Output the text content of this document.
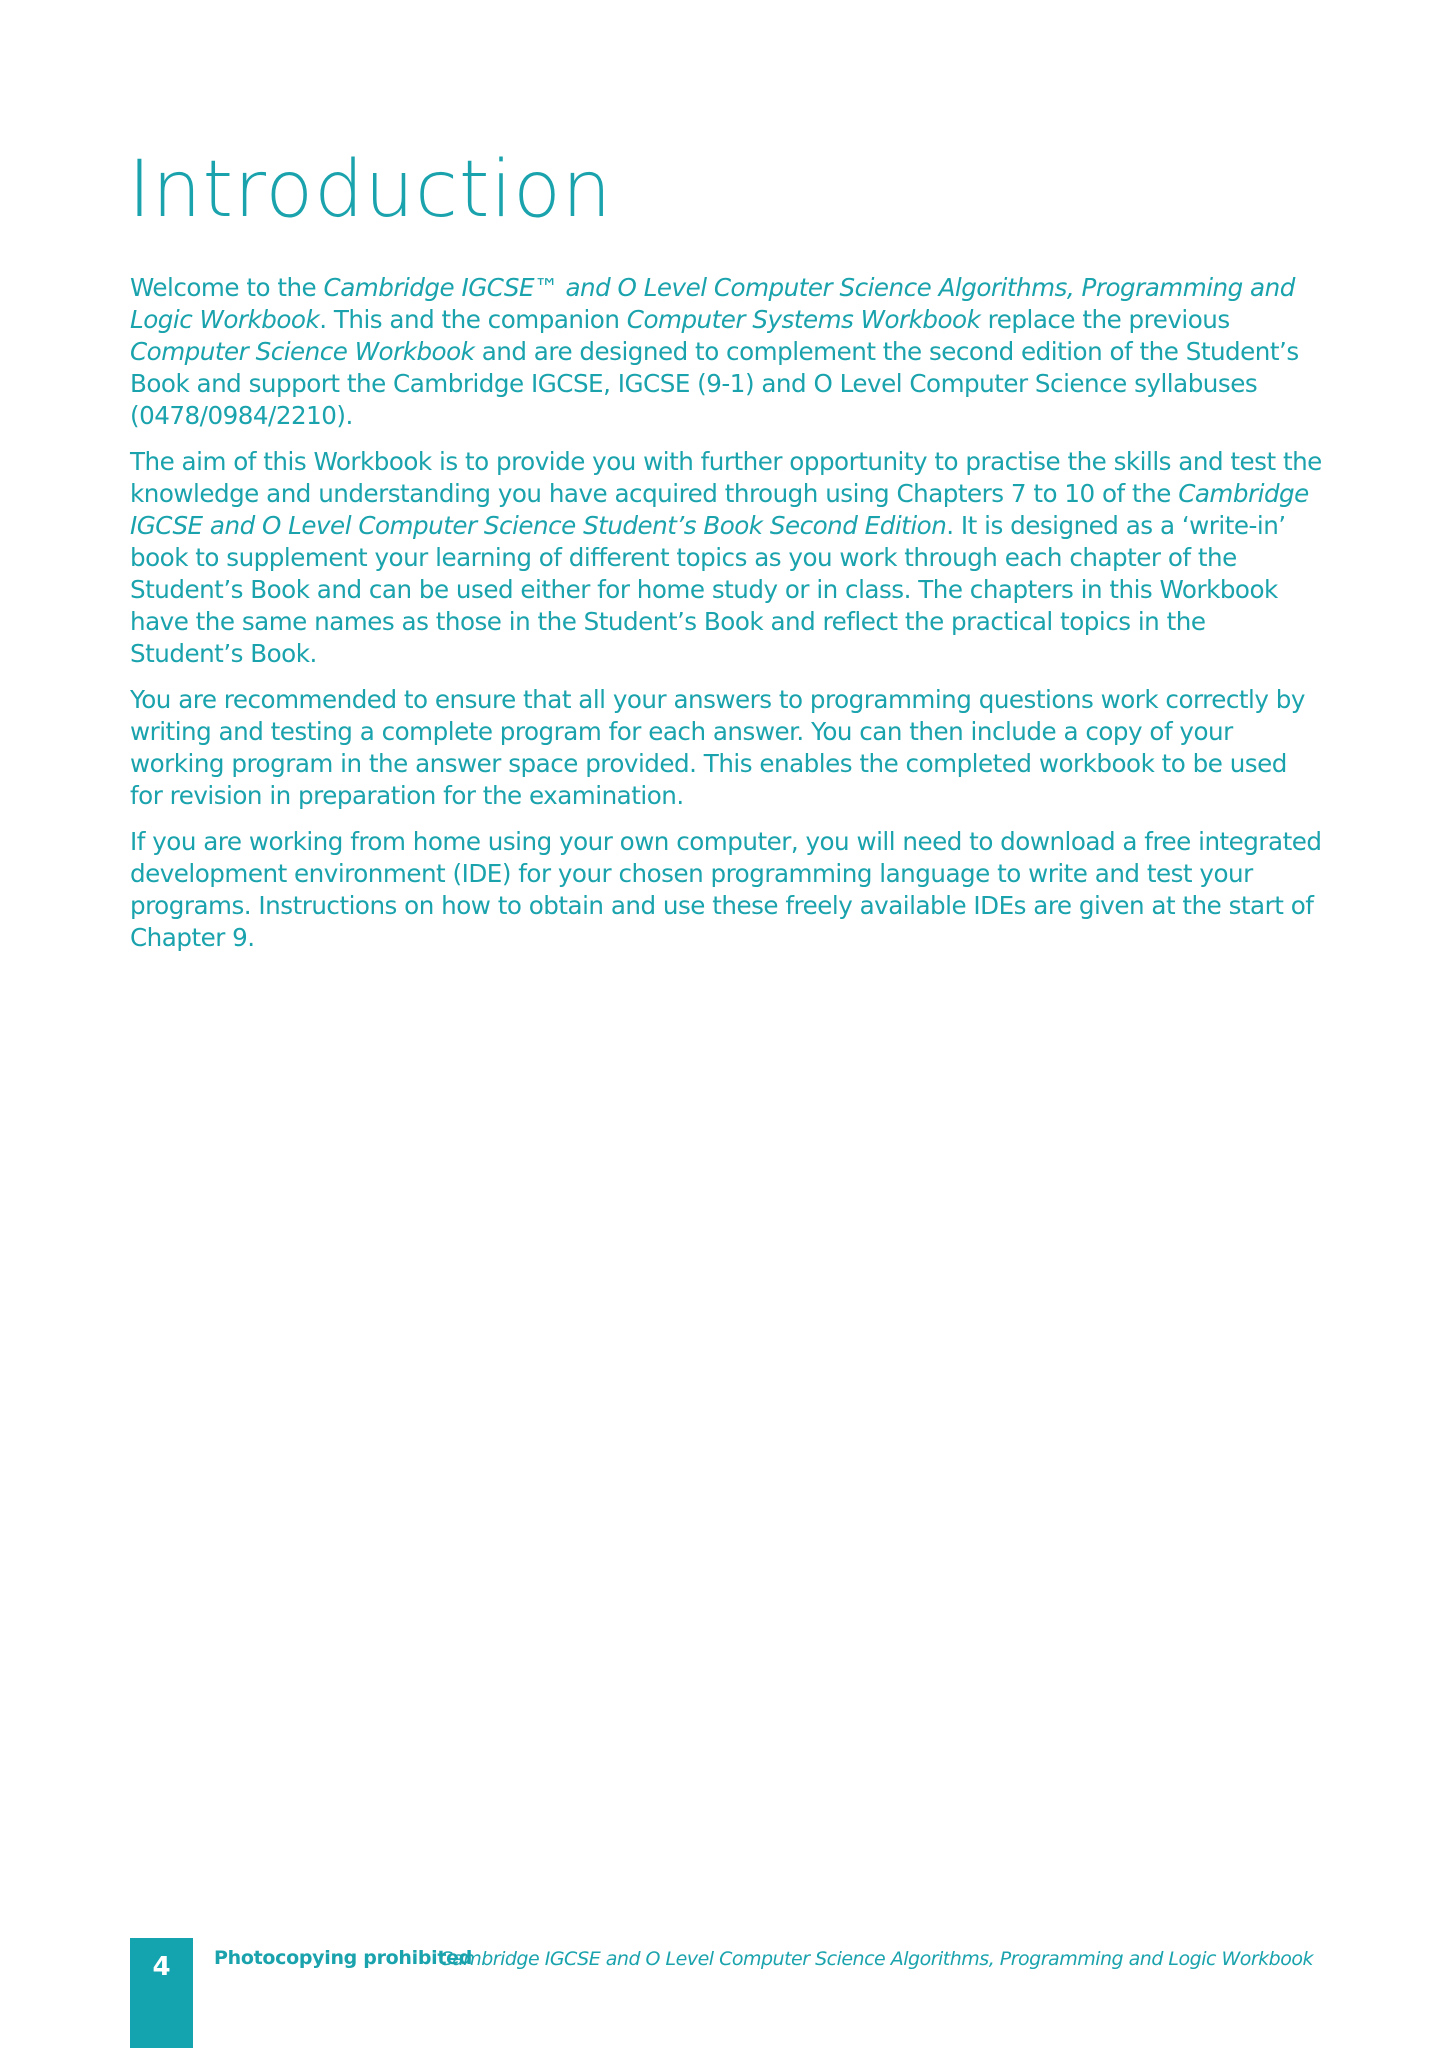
Introduction

Welcome to the Cambridge IGCSE™ and O Level Computer Science Algorithms, Programming and Logic Workbook. This and the companion Computer Systems Workbook replace the previous Computer Science Workbook and are designed to complement the second edition of the Student’s Book and support the Cambridge IGCSE, IGCSE (9-1) and O Level Computer Science syllabuses (0478/0984/2210).

The aim of this Workbook is to provide you with further opportunity to practise the skills and test the knowledge and understanding you have acquired through using Chapters 7 to 10 of the Cambridge IGCSE and O Level Computer Science Student’s Book Second Edition. It is designed as a ‘write-in’ book to supplement your learning of different topics as you work through each chapter of the Student’s Book and can be used either for home study or in class. The chapters in this Workbook have the same names as those in the Student’s Book and reflect the practical topics in the Student’s Book.

You are recommended to ensure that all your answers to programming questions work correctly by writing and testing a complete program for each answer. You can then include a copy of your working program in the answer space provided. This enables the completed workbook to be used for revision in preparation for the examination.

If you are working from home using your own computer, you will need to download a free integrated development environment (IDE) for your chosen programming language to write and test your programs. Instructions on how to obtain and use these freely available IDEs are given at the start of Chapter 9.

4	Photocopying prohibited
Cambridge IGCSE and O Level Computer Science Algorithms, Programming and Logic Workbook
